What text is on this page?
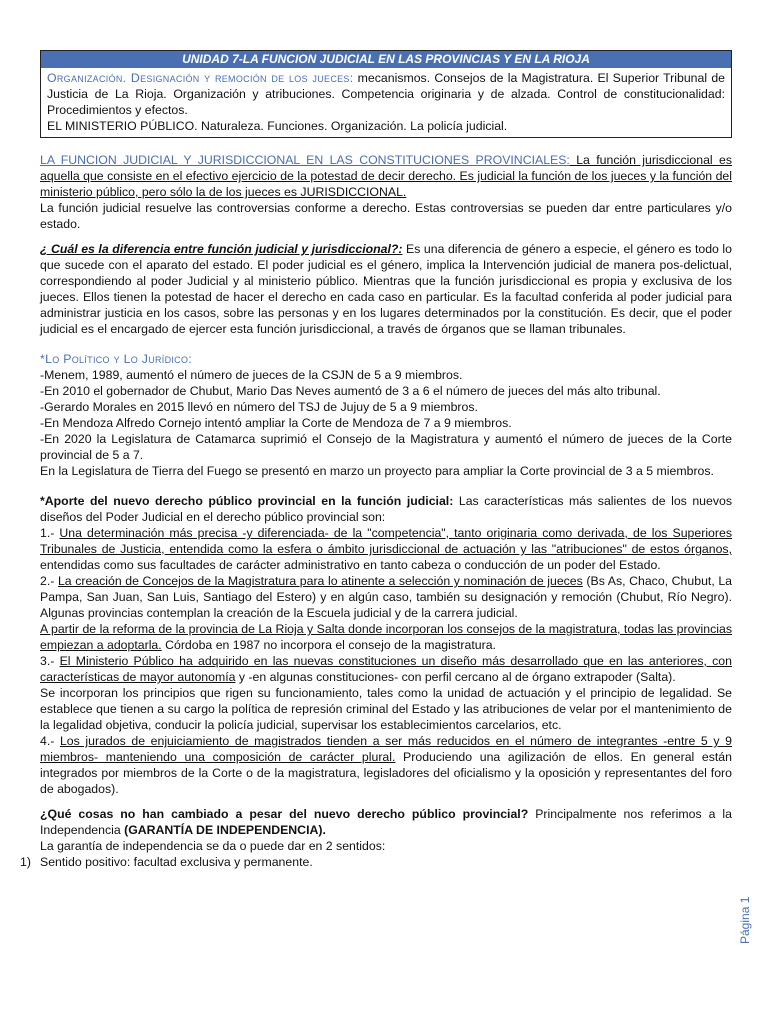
UNIDAD 7-LA FUNCION JUDICIAL EN LAS PROVINCIAS Y EN LA RIOJA
Organización. Designación y remoción de los jueces: mecanismos. Consejos de la Magistratura. El Superior Tribunal de Justicia de La Rioja. Organización y atribuciones. Competencia originaria y de alzada. Control de constitucionalidad: Procedimientos y efectos.
EL MINISTERIO PÚBLICO. Naturaleza. Funciones. Organización. La policía judicial.

LA FUNCION JUDICIAL Y JURISDICCIONAL EN LAS CONSTITUCIONES PROVINCIALES: La función jurisdiccional es aquella que consiste en el efectivo ejercicio de la potestad de decir derecho. Es judicial la función de los jueces y la función del ministerio público, pero sólo la de los jueces es JURISDICCIONAL.

La función judicial resuelve las controversias conforme a derecho. Estas controversias se pueden dar entre particulares y/o estado.

¿ Cuál es la diferencia entre función judicial y jurisdiccional?: Es una diferencia de género a especie, el género es todo lo que sucede con el aparato del estado. El poder judicial es el género, implica la Intervención judicial de manera pos-delictual, correspondiendo al poder Judicial y al ministerio público. Mientras que la función jurisdiccional es propia y exclusiva de los jueces. Ellos tienen la potestad de hacer el derecho en cada caso en particular. Es la facultad conferida al poder judicial para administrar justicia en los casos, sobre las personas y en los lugares determinados por la constitución. Es decir, que el poder judicial es el encargado de ejercer esta función jurisdiccional, a través de órganos que se llaman tribunales.

*Lo Político y Lo Jurídico:

-Menem, 1989, aumentó el número de jueces de la CSJN de 5 a 9 miembros.

-En 2010 el gobernador de Chubut, Mario Das Neves aumentó de 3 a 6 el número de jueces del más alto tribunal.

-Gerardo Morales en 2015 llevó en número del TSJ de Jujuy de 5 a 9 miembros.

-En Mendoza Alfredo Cornejo intentó ampliar la Corte de Mendoza de 7 a 9 miembros.

-En 2020 la Legislatura de Catamarca suprimió el Consejo de la Magistratura y aumentó el número de jueces de la Corte provincial de 5 a 7.

En la Legislatura de Tierra del Fuego se presentó en marzo un proyecto para ampliar la Corte provincial de 3 a 5 miembros.

*Aporte del nuevo derecho público provincial en la función judicial: Las características más salientes de los nuevos diseños del Poder Judicial en el derecho público provincial son:

1.- Una determinación más precisa -y diferenciada- de la "competencia", tanto originaria como derivada, de los Superiores Tribunales de Justicia, entendida como la esfera o ámbito jurisdiccional de actuación y las "atribuciones" de estos órganos, entendidas como sus facultades de carácter administrativo en tanto cabeza o conducción de un poder del Estado.

2.- La creación de Concejos de la Magistratura para lo atinente a selección y nominación de jueces (Bs As, Chaco, Chubut, La Pampa, San Juan, San Luis, Santiago del Estero) y en algún caso, también su designación y remoción (Chubut, Río Negro). Algunas provincias contemplan la creación de la Escuela judicial y de la carrera judicial.

A partir de la reforma de la provincia de La Rioja y Salta donde incorporan los consejos de la magistratura, todas las provincias empiezan a adoptarla. Córdoba en 1987 no incorpora el consejo de la magistratura.

3.- El Ministerio Público ha adquirido en las nuevas constituciones un diseño más desarrollado que en las anteriores, con características de mayor autonomía y -en algunas constituciones- con perfil cercano al de órgano extrapoder (Salta).

Se incorporan los principios que rigen su funcionamiento, tales como la unidad de actuación y el principio de legalidad. Se establece que tienen a su cargo la política de represión criminal del Estado y las atribuciones de velar por el mantenimiento de la legalidad objetiva, conducir la policía judicial, supervisar los establecimientos carcelarios, etc.

4.- Los jurados de enjuiciamiento de magistrados tienden a ser más reducidos en el número de integrantes -entre 5 y 9 miembros- manteniendo una composición de carácter plural. Produciendo una agilización de ellos. En general están integrados por miembros de la Corte o de la magistratura, legisladores del oficialismo y la oposición y representantes del foro de abogados).

¿Qué cosas no han cambiado a pesar del nuevo derecho público provincial? Principalmente nos referimos a la Independencia (GARANTÍA DE INDEPENDENCIA).

La garantía de independencia se da o puede dar en 2 sentidos:

1) Sentido positivo: facultad exclusiva y permanente.

Página 1
